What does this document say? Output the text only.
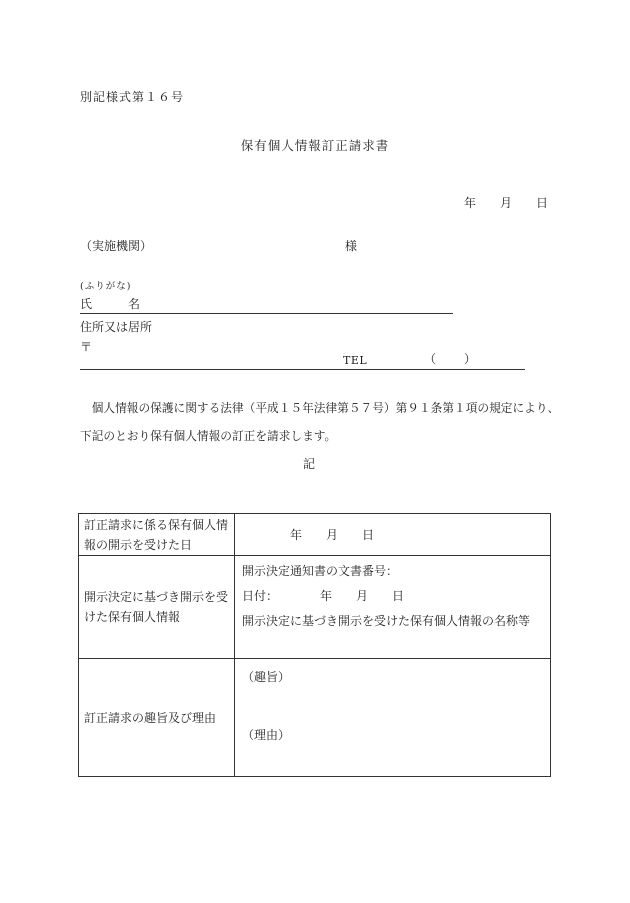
別記様式第１６号
保有個人情報訂正請求書
年　　月　　日
（実施機関）	様
(ふりがな)
氏　　　名
住所又は居所
〒
TEL	（ ）
　個人情報の保護に関する法律（平成１５年法律第５７号）第９１条第１項の規定により、
下記のとおり保有個人情報の訂正を請求します。
記
訂正請求に係る保有個人情報の開示を受けた日
年　　月　　日
開示決定に基づき開示を受けた保有個人情報
開示決定通知書の文書番号：
日付：　　　　年　　月　　日
開示決定に基づき開示を受けた保有個人情報の名称等
訂正請求の趣旨及び理由
（趣旨）
（理由）
